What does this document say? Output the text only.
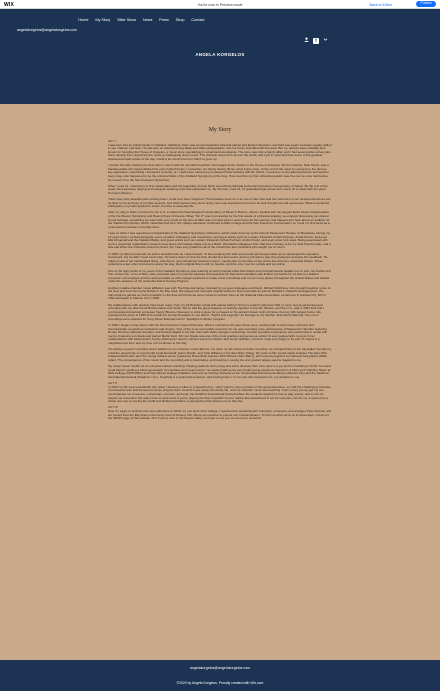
WIX	You're now in Preview mode	Back to Editor	Publish
Home	My Story	Slide Show	News	Press	Shop	Contact
angelakorgelos@angelakorgelos.com
f
ANGELA KORGELOS
My Story

ACT I:

I was born into an artistic family in Oakland, California. Mom was an accomplished classical pianist and fashion illustrator, and Dad was a jazz musician equally skilled in sax, clarinet, and flute. He was also an award-winning black and white photographer, and our home was filled with his work. But my parents were probably best known for founding the House of Korgelos, a music store specializing in rental band woodwinds. The store was truly a family affair, and I had several after-school jobs there ranging from organizing the reeds to cataloguing sheet music. The clientele came from all over the world, and I got to meet and hear some of the greatest classical and jazz artists of the day. Could a fun environment in which to grow up.

I started formally studying the flute when I was 9 with the wonderful teachers who taught at the studios in the House of Korgelos. My first teacher, Dale Harris, was a bandspecialist who had published his own method books. I remember our family having dinner at his home once. At the end of the meal, he opened up the famous key signatures. Good thing I answered correctly, or I might have missed out on dessert! After working with Mr. Harris, I moved on to the gifted performer and teacher Gary Gray, who happened to be the principal flutist of the Oakland Symphony at the time. How cool that my first orchestra position was the one he once held before he moved on to the San Francisco Symphony.

When I was 12, I attended my first masterclass with the legendary French flutist Jean-Pierre Rampal at the San Francisco Conservatory of Music. By the end of the week, his expressive playing and energetic teaching style had captivated me. By the time I was 14, I'd graduated high school and I went off to study with the great Hermann Wanner.

There was more beautiful and exciting than I could ever have imagined. The Parisians took me in as one of their own and the memories of our shared adventures are as dear to me as those of my flute lessons. And what lessons they were! Every note was important and had to be well thought out and expressive. What a wonderful philosopher, my Latin applied to music, but also to everyday life.

After my stay in Paris I returned to the U.S. to attend the New England Conservatory of Music in Boston, where I studied with the elegant flutist James Pappoutsakis of the the Boston Symphony and Boston Pops Orchestra. When "Mr. P" was not traveling for the first weeks of orchestral playing, we enjoyed discussing our shared Greek heritage, something we were both very proud of. My time at NEC was cut short when I went home for the summer and happened to hear about an audition for the Oakland Symphony, which I attended and won. My college education continued at Mills College and the San Francisco Conservatory so I took my first steps as a professional musician in the Bay Area.

I was so when I was appointed principal flutist of the Oakland Symphony Orchestra, which made its home at the historic Paramount Theater on Broadway. During my 14 years there I worked alongside some excellent colleagues and conductors, and guest artists such as Luciano Pavarotti, Itzhak Perlman, André Previn, and even Ella Fitzgerald and the Oakland Ballet, and guest artists such as Luciano Pavarotti, Itzhak Perlman, André Previn, and even a few rock stars. Being associated with such a respected organization opened many doors and helped shape me as a flutist. Wonderful colleagues from that time continue to be my dear friends today, and a little sad when the orchestra closed its doors, but I was very grateful to all of the conductors and musicians who taught me so much.

In 1984 my father presented me with a beautiful flute he made himself. I'd been helping him with some head joint design ideas as he developed his signature instrument, but he didn't need much help. He had a vision of how the flute should feel and sound, and my job was to play the prototypes and give him feedback. He made a total of ten handcrafted flutes, and they're now considered collector's items, sought after by the likes of top-of-the-line and very respected flutists. These collections a few other instruments along the way. Dad's original flute is still my favorite, and the one I use for recitals and recording.

One of the high points of my years in the Oakland Symphony was teaming up with principal cellist Dan Reiter and principal bassist Natalie Cox to form the Pacific Arts Trio. At the time, a trio of flute, cello, and harp was not common because the repertoire for that instrumentation was limited, but luckily for us Dan is a brilliant composer and arranger and his work provided us with enough repertoire to make a few recordings and to tour many places throughout the United States and Alaska under the auspices of the Columbia Artists Touring Program.

Another notable chamber music affiliation was with The Flute Exchange, founded by my good colleague and friend, Richard McKinney, who brought together some of the best and most fun-loving flutists in the Bay Area. We played and recorded original works for flute ensemble as well as Richard's masterful arrangements. His transcriptions gained so much popularity in the flute world that we were invited to perform them at the National Flute Association conference in Kansas City, MO in 1991 and again in Atlanta, GA in 1996.

My collaborations with pianists have been many, from my 1978 debut recital with pianist Kathryn Stott in London's Wigmore Hall, to more recent performing and recording with my dear friend British pianist Zoë Smith. We've had the great pleasure of working together in the UK, Mexico, and the U.S., and in 1997 Zoë and I commissioned American composer Nancy Bloomer Deussen to write a piece for us based on the ancient Greek myth of Icarus, the boy with winged home. We premiered the piece in 1998 and recorded it shortly thereafter on our album, "Myths and Legends" an homage to my teacher Jean-Pierre Rampal. Two of our recordings were selected for Sony Music Entertainment's "Spotlight on Music" program.

In 1990 I began a long career with the San Francisco Opera Orchestra. What a marvelous 20 years those were, working with a world class orchestra and internationally recognized conductors and singers. One of the most memorable moments for me was recording a live performance of Massenet's Werther featuring Renée Fleming, Marcelo Giordani, and Dolores Ziajick in the title roles with Valery Gergiev conducting. Another wonderful experience was performing in recital with mezzo Frederica von Stade and pianist Martin Katz. Flic von Stade was one of the most gracious and generous artists I'd ever worked with, not just in her collaborations with fellow artists, but by offering her heart to various women's shelters and senior facilities, concerts I was very happy to be part of. Opera is a magnificent art form and my love of it continues to this day.

I've always enjoyed recording and in addition to my chamber music albums, I've done my fair share of studio recording. As principal flutist of the Skywalker Symphony, I had the opportunity to record with Linda Ronstadt, Aaron Neville, and John Williams in his Star Wars Trilogy. My work on film sound tracks includes The Man Who Captured Eichmann and The Young Indiana Jones (Lawrence Rosenthal), Dances With Wolves (John Barry), and several programs for National Geographic (Mark Adler). The convergence of live music and the recording arts is fascinating, and hearing or seeing the end product always seems magical to me.

My music career would not be complete without teaching. Helping students both young and old to discover their own voice is a joy and it's humbling to think I've had a small hand in guiding a future generation of musicians and music lovers. I've worked with some very bright young people as instructor of Flute and Chamber Music at Mills College (1978-2001) and Holy Names College (Oakland, CA) and as Visiting Instructor at the Universidad Autónoma de México (Mexico City) and the Stratford International Festival (Stratford, U.K.). Teaching is a reciprocal endeavor, and looking back, I'm not sure who learned more, my students or me.

ACT II:

In 2001 my life took a wonderful turn when I became mother to a beautiful boy. I didn't want to miss a minute of this great adventure, so I left the challenging schedule of orchestral work and focused on those projects that I could fit more easily into family life, such as chamber music and teaching. From a very young age my son accompanied me to lessons, rehearsals, concerts, and even the Stratford International Festival where the students taught him how to play soccer, and in turn he helped me remember this was a time to work hard. If you're playing the flute it wouldn't hurt to realize that parenthood is not for everyone, but for me, it opened up a whole new way of seeing the world and finding inspiration, a perspective that inspires me to this day.

ACT III:

Now I'm eager to embrace the next adventure in 2018, my son went off to college, I resumed the wonderful jazz trumpeter, composer, and arranger Peter Aranda, and we moved from the Bay Area to the lovely town of Arnaud, OR, where we continue to pursue our musical dreams. To find out what we're up to these days, check out the NEWS page of this website. And if you're ever in the Rogue Valley, we hope to see you at one of our concerts!

angelakorgelos@angelakorgelos.com
©2020 by Angela Korgelos. Proudly created with Wix.com
